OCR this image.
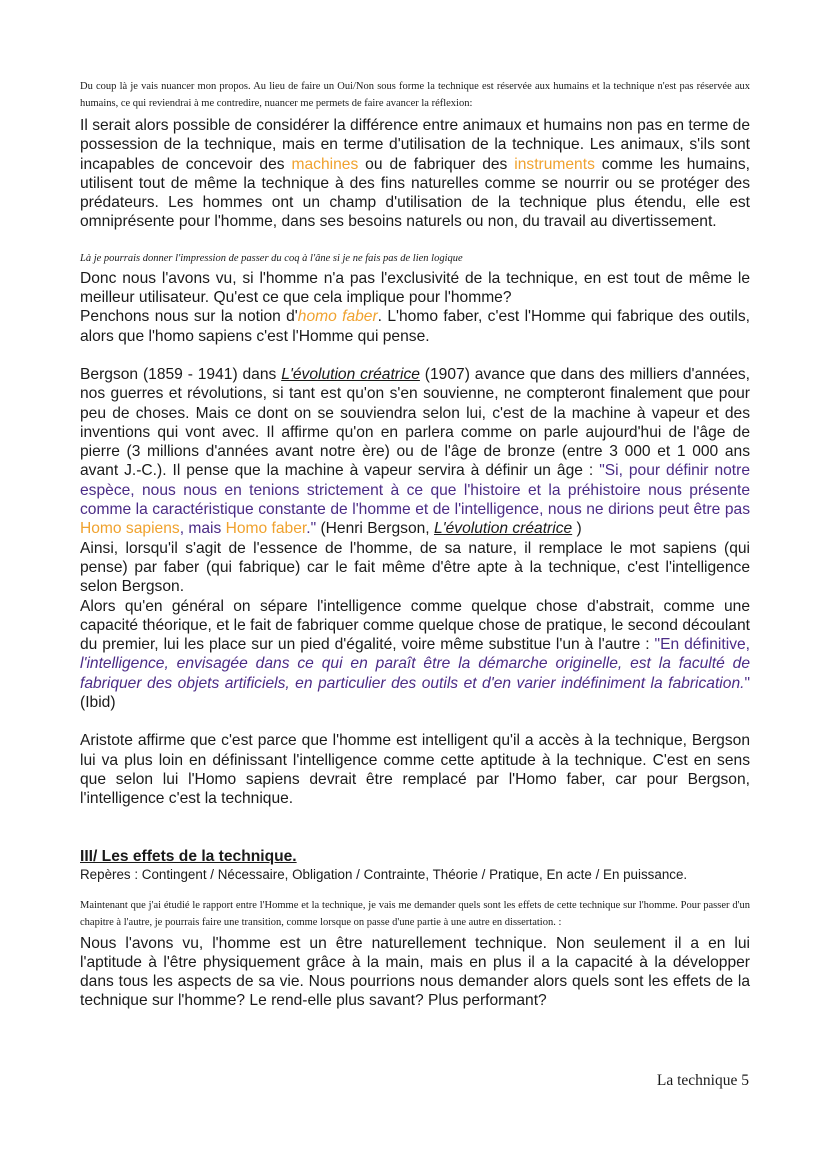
Du coup là je vais nuancer mon propos. Au lieu de faire un Oui/Non sous forme la technique est réservée aux humains et la technique n'est pas réservée aux humains, ce qui reviendrai à me contredire, nuancer me permets de faire avancer la réflexion:

Il serait alors possible de considérer la différence entre animaux et humains non pas en terme de possession de la technique, mais en terme d'utilisation de la technique. Les animaux, s'ils sont incapables de concevoir des machines ou de fabriquer des instruments comme les humains, utilisent tout de même la technique à des fins naturelles comme se nourrir ou se protéger des prédateurs. Les hommes ont un champ d'utilisation de la technique plus étendu, elle est omniprésente pour l'homme, dans ses besoins naturels ou non, du travail au divertissement.

Là je pourrais donner l'impression de passer du coq à l'âne si je ne fais pas de lien logique

Donc nous l'avons vu, si l'homme n'a pas l'exclusivité de la technique, en est tout de même le meilleur utilisateur. Qu'est ce que cela implique pour l'homme?
Penchons nous sur la notion d'homo faber. L'homo faber, c'est l'Homme qui fabrique des outils, alors que l'homo sapiens c'est l'Homme qui pense.

Bergson (1859 - 1941) dans L'évolution créatrice (1907) avance que dans des milliers d'années, nos guerres et révolutions, si tant est qu'on s'en souvienne, ne compteront finalement que pour peu de choses. Mais ce dont on se souviendra selon lui, c'est de la machine à vapeur et des inventions qui vont avec. Il affirme qu'on en parlera comme on parle aujourd'hui de l'âge de pierre (3 millions d'années avant notre ère) ou de l'âge de bronze (entre 3 000 et 1 000 ans avant J.-C.). Il pense que la machine à vapeur servira à définir un âge : "Si, pour définir notre espèce, nous nous en tenions strictement à ce que l'histoire et la préhistoire nous présente comme la caractéristique constante de l'homme et de l'intelligence, nous ne dirions peut être pas Homo sapiens, mais Homo faber." (Henri Bergson, L'évolution créatrice )

Ainsi, lorsqu'il s'agit de l'essence de l'homme, de sa nature, il remplace le mot sapiens (qui pense) par faber (qui fabrique) car le fait même d'être apte à la technique, c'est l'intelligence selon Bergson.

Alors qu'en général on sépare l'intelligence comme quelque chose d'abstrait, comme une capacité théorique, et le fait de fabriquer comme quelque chose de pratique, le second découlant du premier, lui les place sur un pied d'égalité, voire même substitue l'un à l'autre : "En définitive, l'intelligence, envisagée dans ce qui en paraît être la démarche originelle, est la faculté de fabriquer des objets artificiels, en particulier des outils et d'en varier indéfiniment la fabrication." (Ibid)

Aristote affirme que c'est parce que l'homme est intelligent qu'il a accès à la technique, Bergson lui va plus loin en définissant l'intelligence comme cette aptitude à la technique. C'est en sens que selon lui l'Homo sapiens devrait être remplacé par l'Homo faber, car pour Bergson, l'intelligence c'est la technique.

III/ Les effets de la technique.

Repères : Contingent / Nécessaire, Obligation / Contrainte, Théorie / Pratique, En acte / En puissance.

Maintenant que j'ai étudié le rapport entre l'Homme et la technique, je vais me demander quels sont les effets de cette technique sur l'homme. Pour passer d'un chapitre à l'autre, je pourrais faire une transition, comme lorsque on passe d'une partie à une autre en dissertation. :

Nous l'avons vu, l'homme est un être naturellement technique. Non seulement il a en lui l'aptitude à l'être physiquement grâce à la main, mais en plus il a la capacité à la développer dans tous les aspects de sa vie. Nous pourrions nous demander alors quels sont les effets de la technique sur l'homme? Le rend-elle plus savant? Plus performant?

La technique 5
